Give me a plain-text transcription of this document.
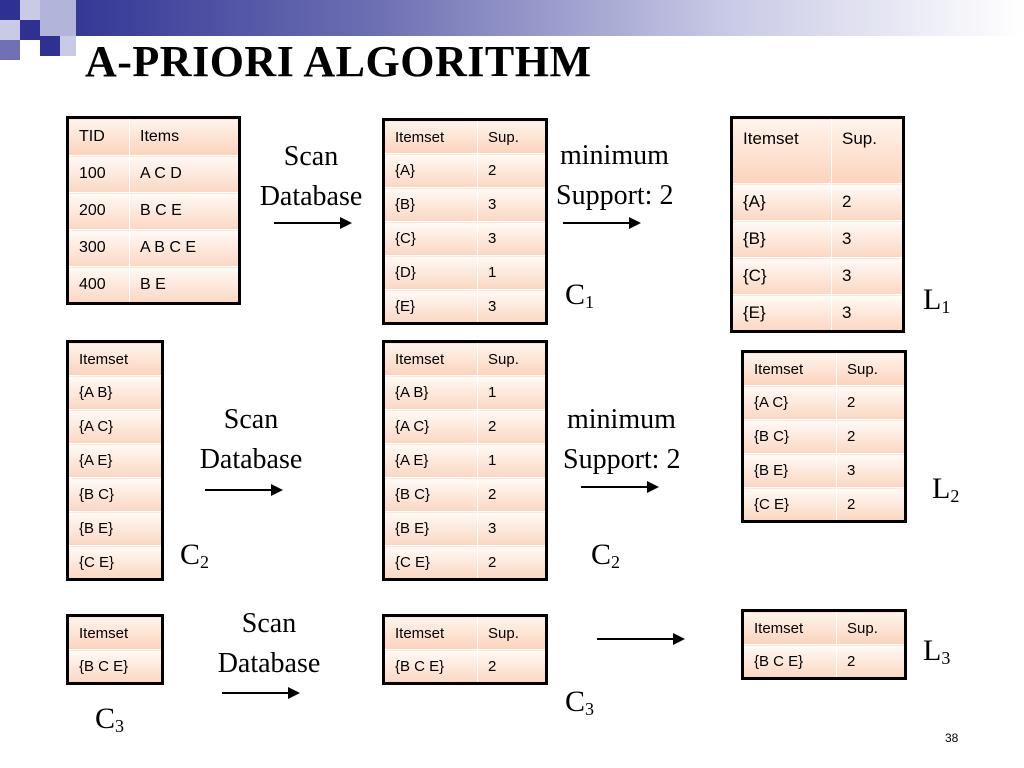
A-PRIORI ALGORITHM
TID	Items
100	A C D
200	B C E
300	A B C E
400	B E
Scan
Database
Itemset	Sup.
{A}	2
{B}	3
{C}	3
{D}	1
{E}	3
minimum
Support: 2
$C_1$
Itemset	Sup.
{A}	2
{B}	3
{C}	3
{E}	3 $L_1$
Itemset
{A B}
{A C}
{A E}
{B C}
{B E}
{C E} $C_2$
Scan
Database
Itemset	Sup.
{A B}	1
{A C}	2
{A E}	1
{B C}	2
{B E}	3
{C E}	2
minimum
Support: 2
$C_2$
Itemset	Sup.
{A C}	2
{B C}	2
{B E}	3
{C E}	2	$L_2$
Itemset
{B C E}
$C_3$
Scan
Database
Itemset	Sup.
{B C E}	2
$C_3$
Itemset	Sup.
{B C E}	2 $L_3$
38
